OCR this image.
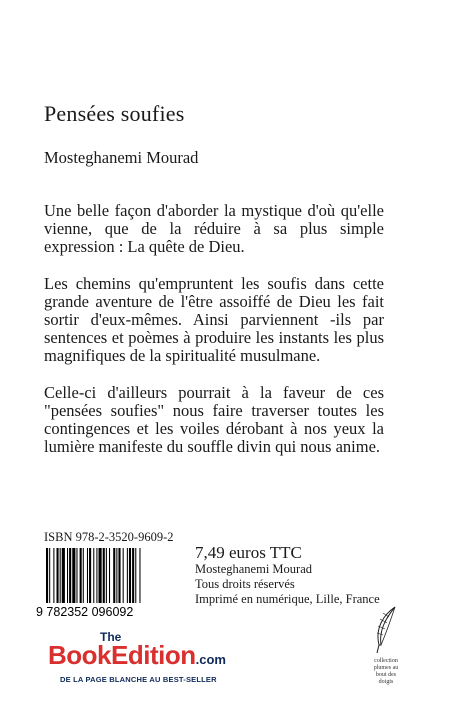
Pensées soufies
Mosteghanemi Mourad

Une belle façon d'aborder la mystique d'où qu'elle vienne, que de la réduire à sa plus simple expression : La quête de Dieu.

Les chemins qu'empruntent les soufis dans cette grande aventure de l'être assoiffé de Dieu les fait sortir d'eux-mêmes. Ainsi parviennent -ils par sentences et poèmes à produire les instants les plus magnifiques de la spiritualité musulmane.

Celle-ci d'ailleurs pourrait à la faveur de ces "pensées soufies" nous faire traverser toutes les contingences et les voiles dérobant à nos yeux la lumière manifeste du souffle divin qui nous anime.

ISBN 978-2-3520-9609-2
9 782352 096092
7,49 euros TTC
Mosteghanemi Mourad
Tous droits réservés
Imprimé en numérique, Lille, France
The
BookEdition.com
DE LA PAGE BLANCHE AU BEST-SELLER
collection plumes au bout des doigts
